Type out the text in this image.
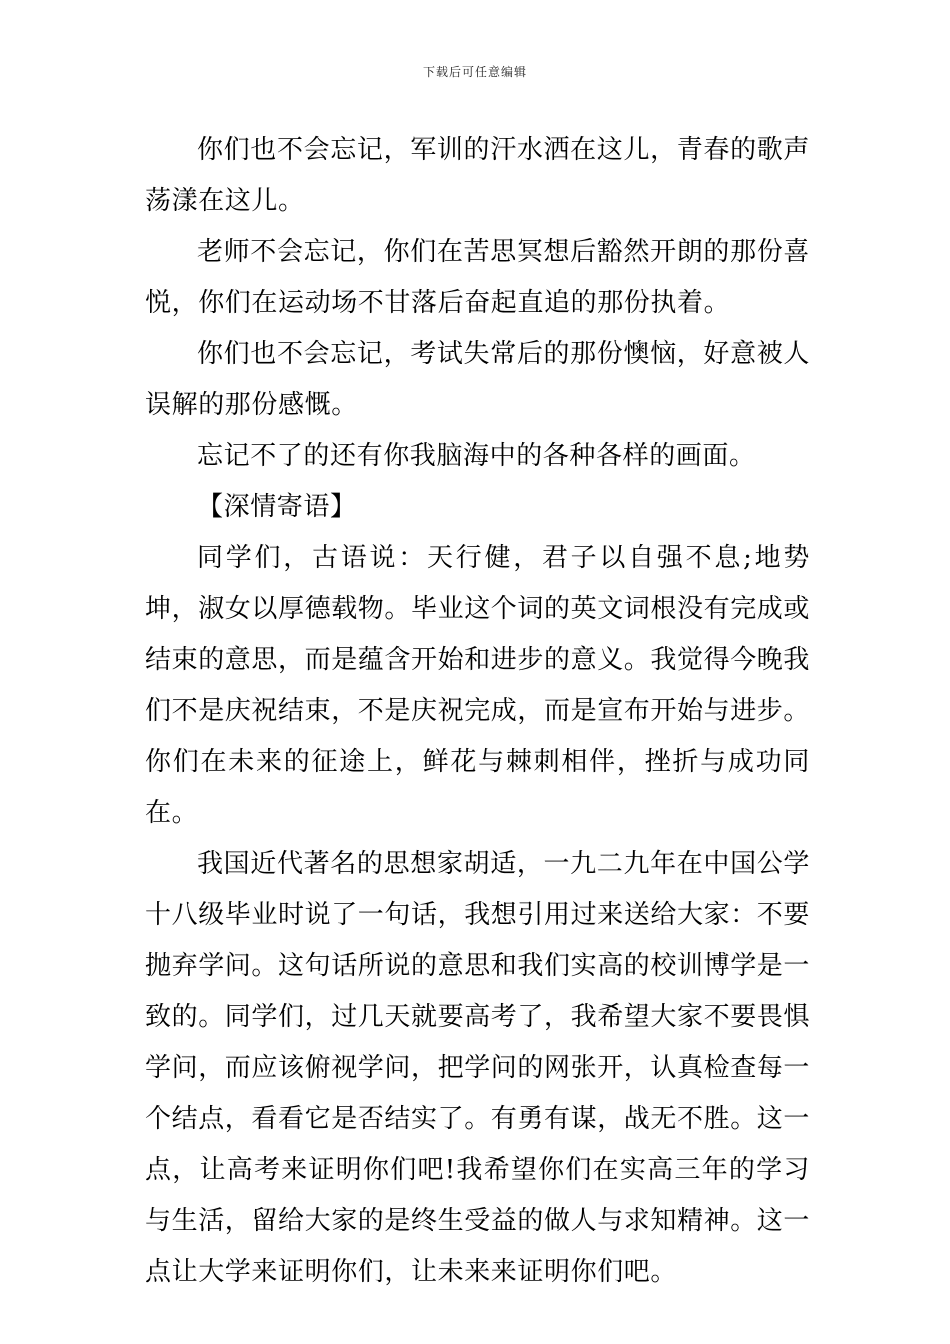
下载后可任意编辑

你们也不会忘记，军训的汗水洒在这儿，青春的歌声荡漾在这儿。

老师不会忘记，你们在苦思冥想后豁然开朗的那份喜悦，你们在运动场不甘落后奋起直追的那份执着。

你们也不会忘记，考试失常后的那份懊恼，好意被人误解的那份感慨。

忘记不了的还有你我脑海中的各种各样的画面。

【深情寄语】

同学们，古语说：天行健，君子以自强不息;地势坤，淑女以厚德载物。毕业这个词的英文词根没有完成或结束的意思，而是蕴含开始和进步的意义。我觉得今晚我们不是庆祝结束，不是庆祝完成，而是宣布开始与进步。你们在未来的征途上，鲜花与棘刺相伴，挫折与成功同在。

我国近代著名的思想家胡适，一九二九年在中国公学十八级毕业时说了一句话，我想引用过来送给大家：不要抛弃学问。这句话所说的意思和我们实高的校训博学是一致的。同学们，过几天就要高考了，我希望大家不要畏惧学问，而应该俯视学问，把学问的网张开，认真检查每一个结点，看看它是否结实了。有勇有谋，战无不胜。这一点，让高考来证明你们吧!我希望你们在实高三年的学习与生活，留给大家的是终生受益的做人与求知精神。这一点让大学来证明你们，让未来来证明你们吧。
